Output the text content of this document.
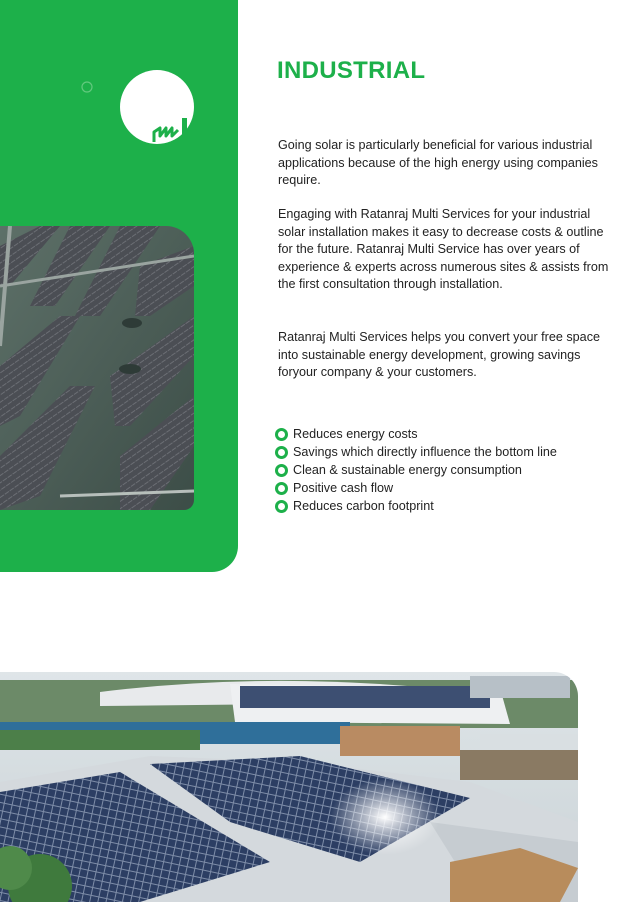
INDUSTRIAL

Going solar is particularly beneficial for various industrial applications because of the high energy using companies require.

Engaging with Ratanraj Multi Services for your industrial solar installation makes it easy to decrease costs & outline for the future. Ratanraj Multi Service has over years of experience & experts across numerous sites & assists from the first consultation through installation.

Ratanraj Multi Services helps you convert your free space into sustainable energy development, growing savings foryour company & your customers.

Reduces energy costs
Savings which directly influence the bottom line
Clean & sustainable energy consumption
Positive cash flow
Reduces carbon footprint
